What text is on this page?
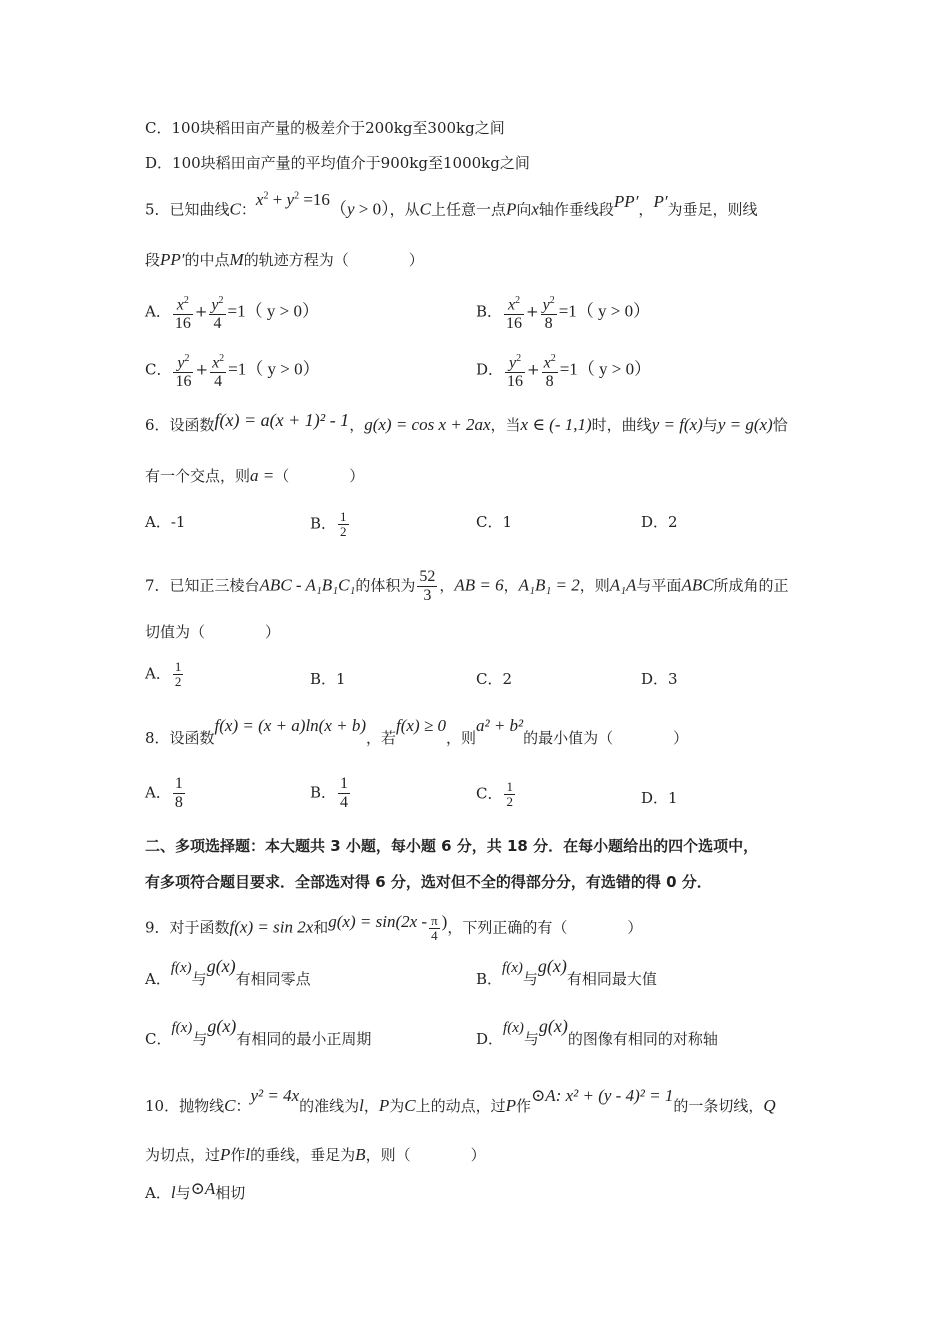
C．100块稻田亩产量的极差介于200kg至300kg之间
D．100块稻田亩产量的平均值介于900kg至1000kg之间
5．已知曲线C：$x^2 + y^2 =16(y > 0)$，从C上任意一点P向x轴作垂线段PP′，P′为垂足，则线
段PP′的中点M的轨迹方程为（　　　　）
A． $\frac{x^2}{16} + \frac{y^2}{4} =1$（ y > 0）	B． $\frac{x^2}{16} + \frac{y^2}{8} =1$（ y > 0）
C． $\frac{y^2}{16} + \frac{x^2}{4} =1$（ y > 0）	D． $\frac{y^2}{16} + \frac{x^2}{8} =1$（ y > 0）
6．设函数f(x) = a(x + 1)² - 1，g(x) = cos x + 2ax，当x ∈ (- 1,1)时，曲线y = f(x)与y = g(x)恰
有一个交点，则a =（　　　　）
A．-1	B． $\frac{1}{2}$	C．1	D．2
7．已知正三棱台ABC - A₁B₁C₁的体积为 $\frac{52}{3}$ ，AB = 6，A₁B₁ = 2，则A₁A与平面ABC所成角的正
切值为（　　　　）
A． $\frac{1}{2}$	B．1	C．2	D．3
8．设函数f(x) = (x + a)ln(x + b)，若f(x) ≥ 0，则a² + b²的最小值为（　　　　）
A． $\frac{1}{8}$	B． $\frac{1}{4}$	C． $\frac{1}{2}$	D．1
二、多项选择题：本大题共 3 小题，每小题 6 分，共 18 分．在每小题给出的四个选项中，
有多项符合题目要求．全部选对得 6 分，选对但不全的得部分分，有选错的得 0 分．
9．对于函数f(x) = sin 2x和$g(x) = \sin(2x - \frac{\pi}{4}$ )，下列正确的有（　　　　）
A．f(x)与g(x)有相同零点	B．f(x)与g(x)有相同最大值
C．f(x)与g(x)有相同的最小正周期	D．f(x)与g(x)的图像有相同的对称轴
10．抛物线C：y² = 4x的准线为l，P为C上的动点，过P作⊙A: x² + (y - 4)² = 1的一条切线，Q
为切点，过P作l的垂线，垂足为B，则（　　　　）
A．l与⊙A相切
